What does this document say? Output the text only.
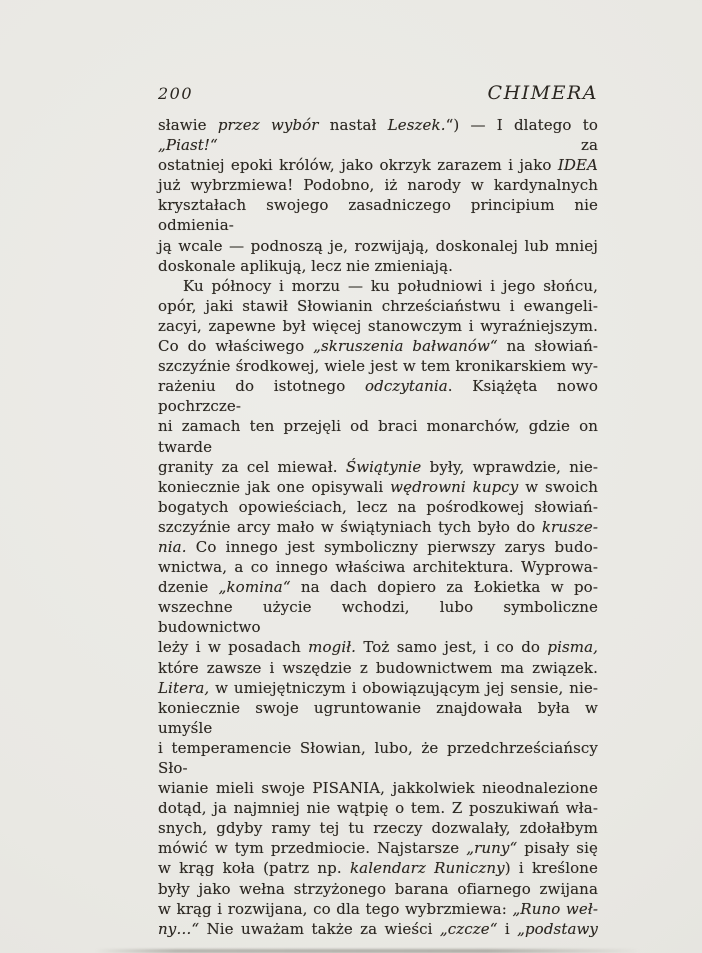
200	CHIMERA
sławie przez wybór nastał Leszek.“) — I dlatego to „Piast!“ za
ostatniej epoki królów, jako okrzyk zarazem i jako IDEA
już wybrzmiewa! Podobno, iż narody w kardynalnych
kryształach swojego zasadniczego principium nie odmienia-
ją wcale — podnoszą je, rozwijają, doskonalej lub mniej
doskonale aplikują, lecz nie zmieniają.
Ku północy i morzu — ku południowi i jego słońcu,
opór, jaki stawił Słowianin chrześciaństwu i ewangeli-
zacyi, zapewne był więcej stanowczym i wyraźniejszym.
Co do właściwego „skruszenia bałwanów“ na słowiań-
szczyźnie środkowej, wiele jest w tem kronikarskiem wy-
rażeniu do istotnego odczytania. Książęta nowo pochrzcze-
ni zamach ten przejęli od braci monarchów, gdzie on twarde
granity za cel miewał. Świątynie były, wprawdzie, nie-
koniecznie jak one opisywali wędrowni kupcy w swoich
bogatych opowieściach, lecz na pośrodkowej słowiań-
szczyźnie arcy mało w świątyniach tych było do krusze-
nia. Co innego jest symboliczny pierwszy zarys budo-
wnictwa, a co innego właściwa architektura. Wyprowa-
dzenie „komina“ na dach dopiero za Łokietka w po-
wszechne użycie wchodzi, lubo symboliczne budownictwo
leży i w posadach mogił. Toż samo jest, i co do pisma,
które zawsze i wszędzie z budownictwem ma związek.
Litera, w umiejętniczym i obowiązującym jej sensie, nie-
koniecznie swoje ugruntowanie znajdowała była w umyśle
i temperamencie Słowian, lubo, że przedchrześciańscy Sło-
wianie mieli swoje PISANIA, jakkolwiek nieodnalezione
dotąd, ja najmniej nie wątpię o tem. Z poszukiwań wła-
snych, gdyby ramy tej tu rzeczy dozwalały, zdołałbym
mówić w tym przedmiocie. Najstarsze „runy“ pisały się
w krąg koła (patrz np. kalendarz Runiczny) i kreślone
były jako wełna strzyżonego barana ofiarnego zwijana
w krąg i rozwijana, co dla tego wybrzmiewa: „Runo weł-
ny…“ Nie uważam także za wieści „czcze“ i „podstawy
